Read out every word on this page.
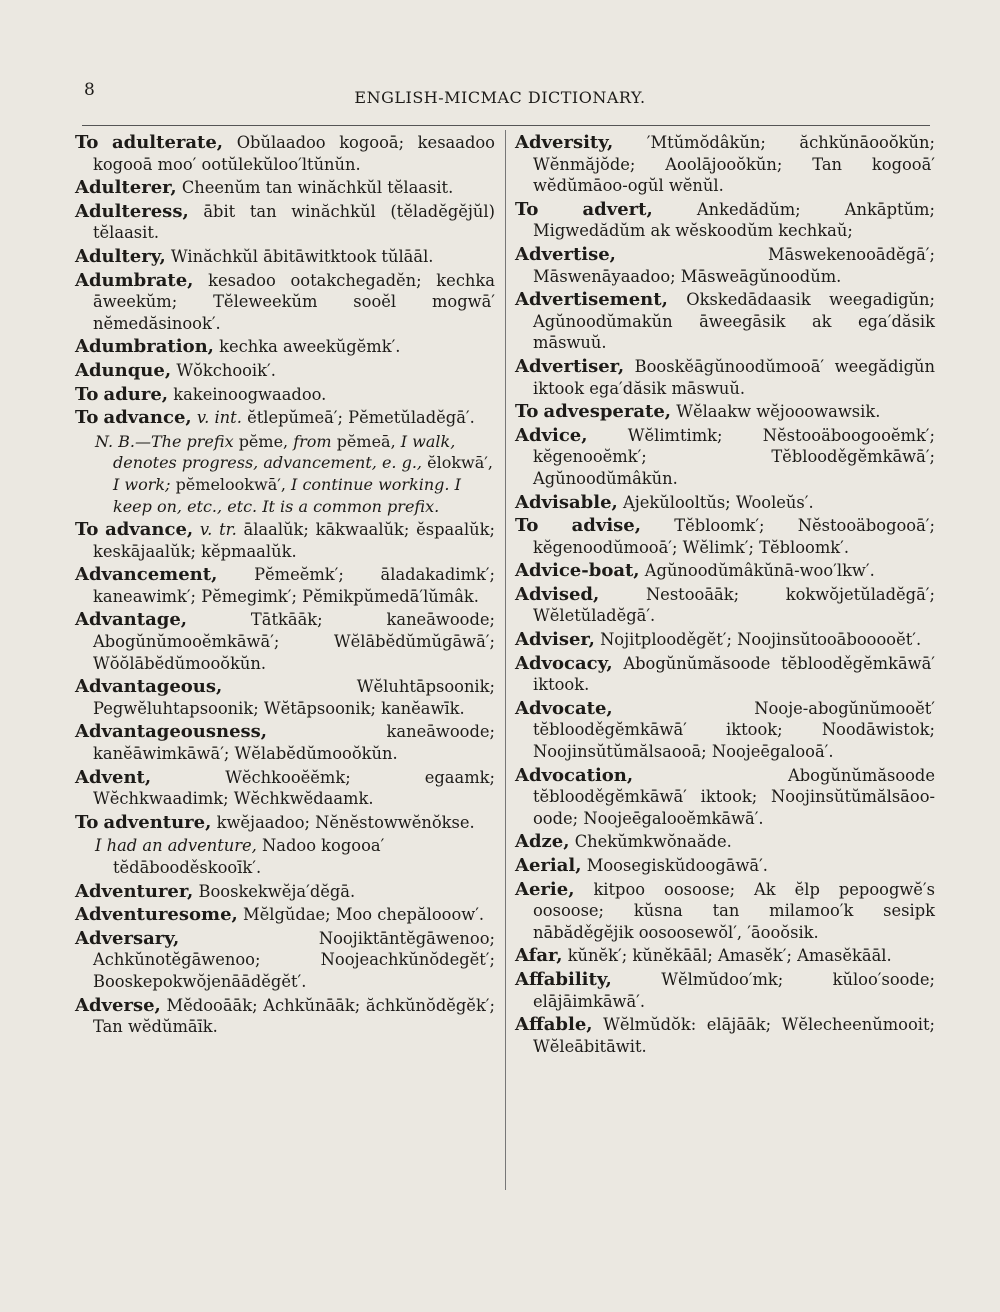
8	ENGLISH-MICMAC DICTIONARY.

To adulterate, Obŭlaadoo kogooā; kesaadoo kogooā moo′ ootŭlekŭloo′ltŭnŭn.

Adulterer, Cheenŭm tan winăchkŭl tĕlaasit.

Adulteress, ābit tan winăchkŭl (tĕladĕgĕjŭl) tĕlaasit.

Adultery, Winăchkŭl ābitāwitktook tŭlāāl.

Adumbrate, kesadoo ootakchegadĕn; kechka āweekŭm; Tĕleweekŭm sooĕl mogwā′ nĕmedăsinook′.

Adumbration, kechka aweekŭgĕmk′.

Adunque, Wŏkchooik′.

To adure, kakeinoogwaadoo.

To advance, v. int. ĕtlepŭmeā′; Pĕmetŭladĕgā′.

N. B.—The prefix pĕme, from pĕmeā, I walk, denotes progress, advancement, e. g., ĕlokwā′, I work; pĕmelookwā′, I continue working. I keep on, etc., etc. It is a common prefix.

To advance, v. tr. ālaalŭk; kākwaalŭk; ĕspaalŭk; keskājaalŭk; kĕpmaalŭk.

Advancement, Pĕmeĕmk′; āladakadimk′; kaneawimk′; Pĕmegimk′; Pĕmikpŭmedā′lŭmâk.

Advantage,	Tātkāāk; kaneāwoode; Abogŭnŭmooĕmkāwā′; Wĕlābĕdŭmŭgāwā′; Wŏŏlābĕdŭmooŏkŭn.

Advantageous,	Wĕluhtāpsoonik; Pegwĕluhtapsoonik; Wĕtāpsoonik; kanĕawīk.

Advantageousness,	kaneāwoode; kanĕāwimkāwā′; Wĕlabĕdŭmooŏkŭn.

Advent,	Wĕchkooĕĕmk; egaamk; Wĕchkwaadimk; Wĕchkwĕdaamk.

To adventure, kwĕjaadoo; Nĕnĕstowwĕnŏkse.

I had an adventure, Nadoo kogooa′ tĕdābooděskooīk′.

Adventurer, Booskekwĕja′dĕgā.

Adventuresome, Mĕlgŭdae; Moo chepălooow′.

Adversary,	Noojiktāntĕgāwenoo; Achkŭnotĕgāwenoo; Noojeachkŭnŏdegĕt′; Booskepokwŏjenāādĕgĕt′.

Adverse, Mĕdooāāk; Achkŭnāāk; ăchkŭnŏdĕgĕk′; Tan wĕdŭmāīk.

Adversity, ′Mtŭmŏdâkŭn; ăchkŭnāooŏkŭn; Wĕnmăjŏde; Aoolājooŏkŭn; Tan kogooā′ wĕdŭmāoo-ogŭl wĕnŭl.

To advert,	Ankedădŭm; Ankāptŭm; Migwedădŭm ak wĕskoodŭm kechkaŭ;

Advertise,	Māswekenooādĕgā′; Māswenāyaadoo; Māsweāgŭnoodŭm.

Advertisement, Okskedādaasik weegadigŭn; Agŭnoodŭmakŭn āweegāsik ak ega′dăsik māswuŭ.

Advertiser, Booskĕāgŭnoodŭmooā′ weegădigŭn iktook ega′dăsik māswuŭ.

To advesperate, Wĕlaakw wĕjooowawsik.

Advice, Wĕlimtimk; Nĕstooäboogooĕmk′; kĕgenooĕmk′; Tĕblooděgĕmkāwā′; Agŭnoodŭmâkŭn.

Advisable, Ajekŭlooltŭs; Wooleŭs′.

To advise, Tĕbloomk′; Nĕstooäbogooā′; kĕgenoodŭmooā′; Wĕlimk′; Tĕbloomk′.

Advice-boat, Agŭnoodŭmâkŭnā-woo′lkw′.

Advised,	Nestooāāk; kokwŏjetŭladĕgā′; Wĕletŭladĕgā′.

Adviser, Nojitplooděgĕt′; Noojinsŭtooābooooĕt′.

Advocacy, Abogŭnŭmăsoode tĕblooděgĕmkāwā′ iktook.

Advocate,	Nooje-abogŭnŭmooĕt′ tĕblooděgĕmkāwā′ iktook; Noodāwistok; Noojinsŭtŭmălsaooā; Noojeēgalooā′.

Advocation,	Abogŭnŭmăsoode tĕblooděgĕmkāwā′ iktook; Noojinsŭtŭmălsāoo-oode; Noojeēgalooĕmkāwā′.

Adze, Chekŭmkwŏnaăde.

Aerial, Moosegiskŭdoogāwā′.

Aerie, kitpoo oosoose; Ak ĕlp pepoogwĕ′s oosoose; kŭsna tan milamoo′k sesipk nābăděgĕjik oosoosewŏl′, ′āooŏsik.

Afar, kŭnĕk′; kŭnĕkāāl; Amasĕk′; Amasĕkāāl.

Affability,	Wĕlmŭdoo′mk; kŭloo′soode; elājāimkāwā′.

Affable, Wĕlmŭdŏk: elājāāk; Wĕlecheenŭmooit; Wĕleābitāwit.
